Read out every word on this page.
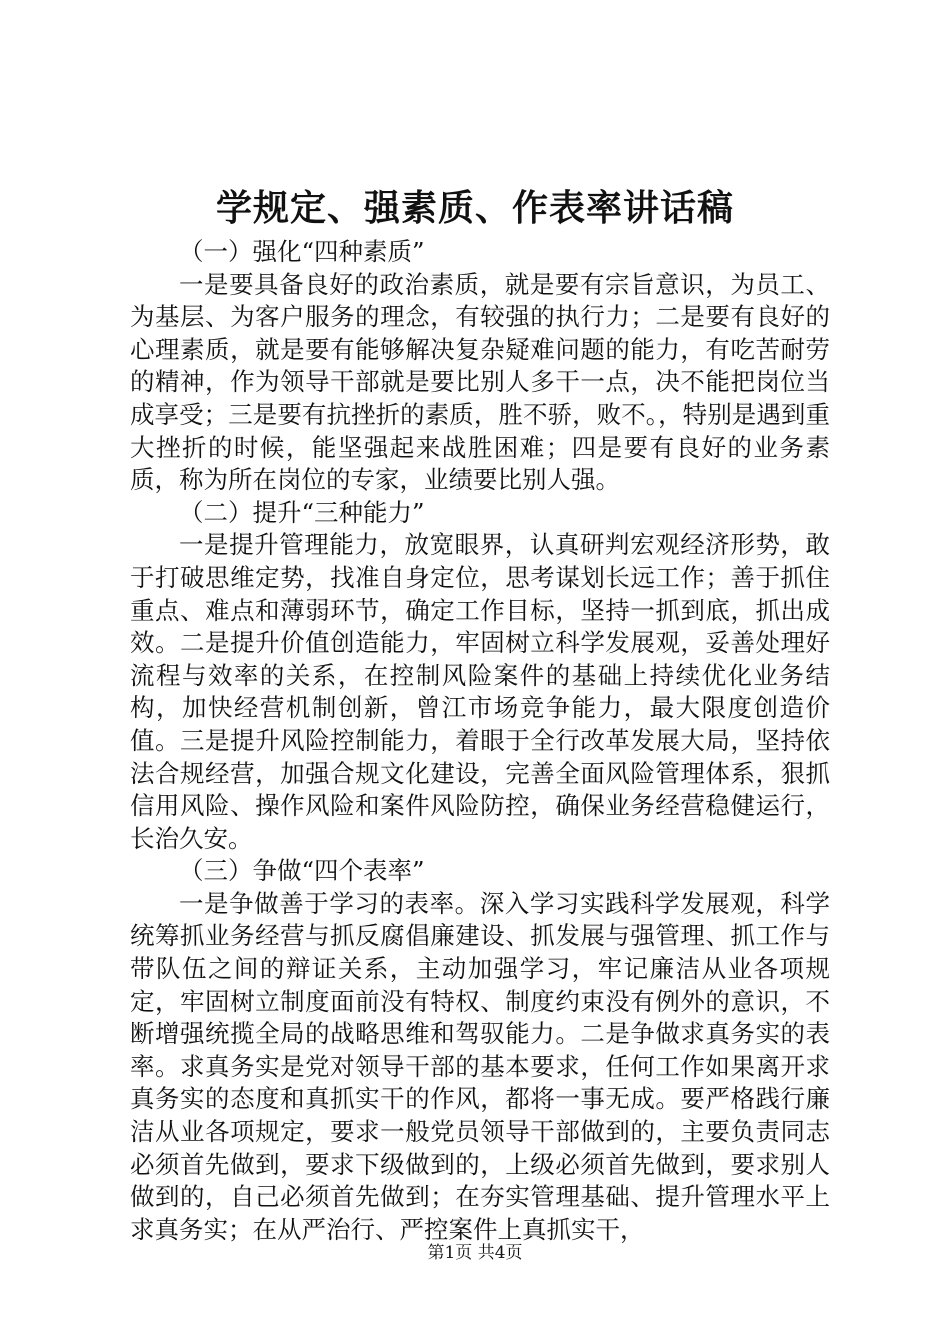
学规定、强素质、作表率讲话稿

（一）强化“四种素质”

一是要具备良好的政治素质，就是要有宗旨意识，为员工、为基层、为客户服务的理念，有较强的执行力；二是要有良好的心理素质，就是要有能够解决复杂疑难问题的能力，有吃苦耐劳的精神，作为领导干部就是要比别人多干一点，决不能把岗位当成享受；三是要有抗挫折的素质，胜不骄，败不。，特别是遇到重大挫折的时候，能坚强起来战胜困难；四是要有良好的业务素质，称为所在岗位的专家，业绩要比别人强。

（二）提升“三种能力”

一是提升管理能力，放宽眼界，认真研判宏观经济形势，敢于打破思维定势，找准自身定位，思考谋划长远工作；善于抓住重点、难点和薄弱环节，确定工作目标，坚持一抓到底，抓出成效。二是提升价值创造能力，牢固树立科学发展观，妥善处理好流程与效率的关系，在控制风险案件的基础上持续优化业务结构，加快经营机制创新，曾江市场竞争能力，最大限度创造价值。三是提升风险控制能力，着眼于全行改革发展大局，坚持依法合规经营，加强合规文化建设，完善全面风险管理体系，狠抓信用风险、操作风险和案件风险防控，确保业务经营稳健运行，长治久安。

（三）争做“四个表率”

一是争做善于学习的表率。深入学习实践科学发展观，科学统筹抓业务经营与抓反腐倡廉建设、抓发展与强管理、抓工作与带队伍之间的辩证关系，主动加强学习，牢记廉洁从业各项规定，牢固树立制度面前没有特权、制度约束没有例外的意识，不断增强统揽全局的战略思维和驾驭能力。二是争做求真务实的表率。求真务实是党对领导干部的基本要求，任何工作如果离开求真务实的态度和真抓实干的作风，都将一事无成。要严格践行廉洁从业各项规定，要求一般党员领导干部做到的，主要负责同志必须首先做到，要求下级做到的，上级必须首先做到，要求别人做到的，自己必须首先做到；在夯实管理基础、提升管理水平上求真务实；在从严治行、严控案件上真抓实干，

第1页 共4页
